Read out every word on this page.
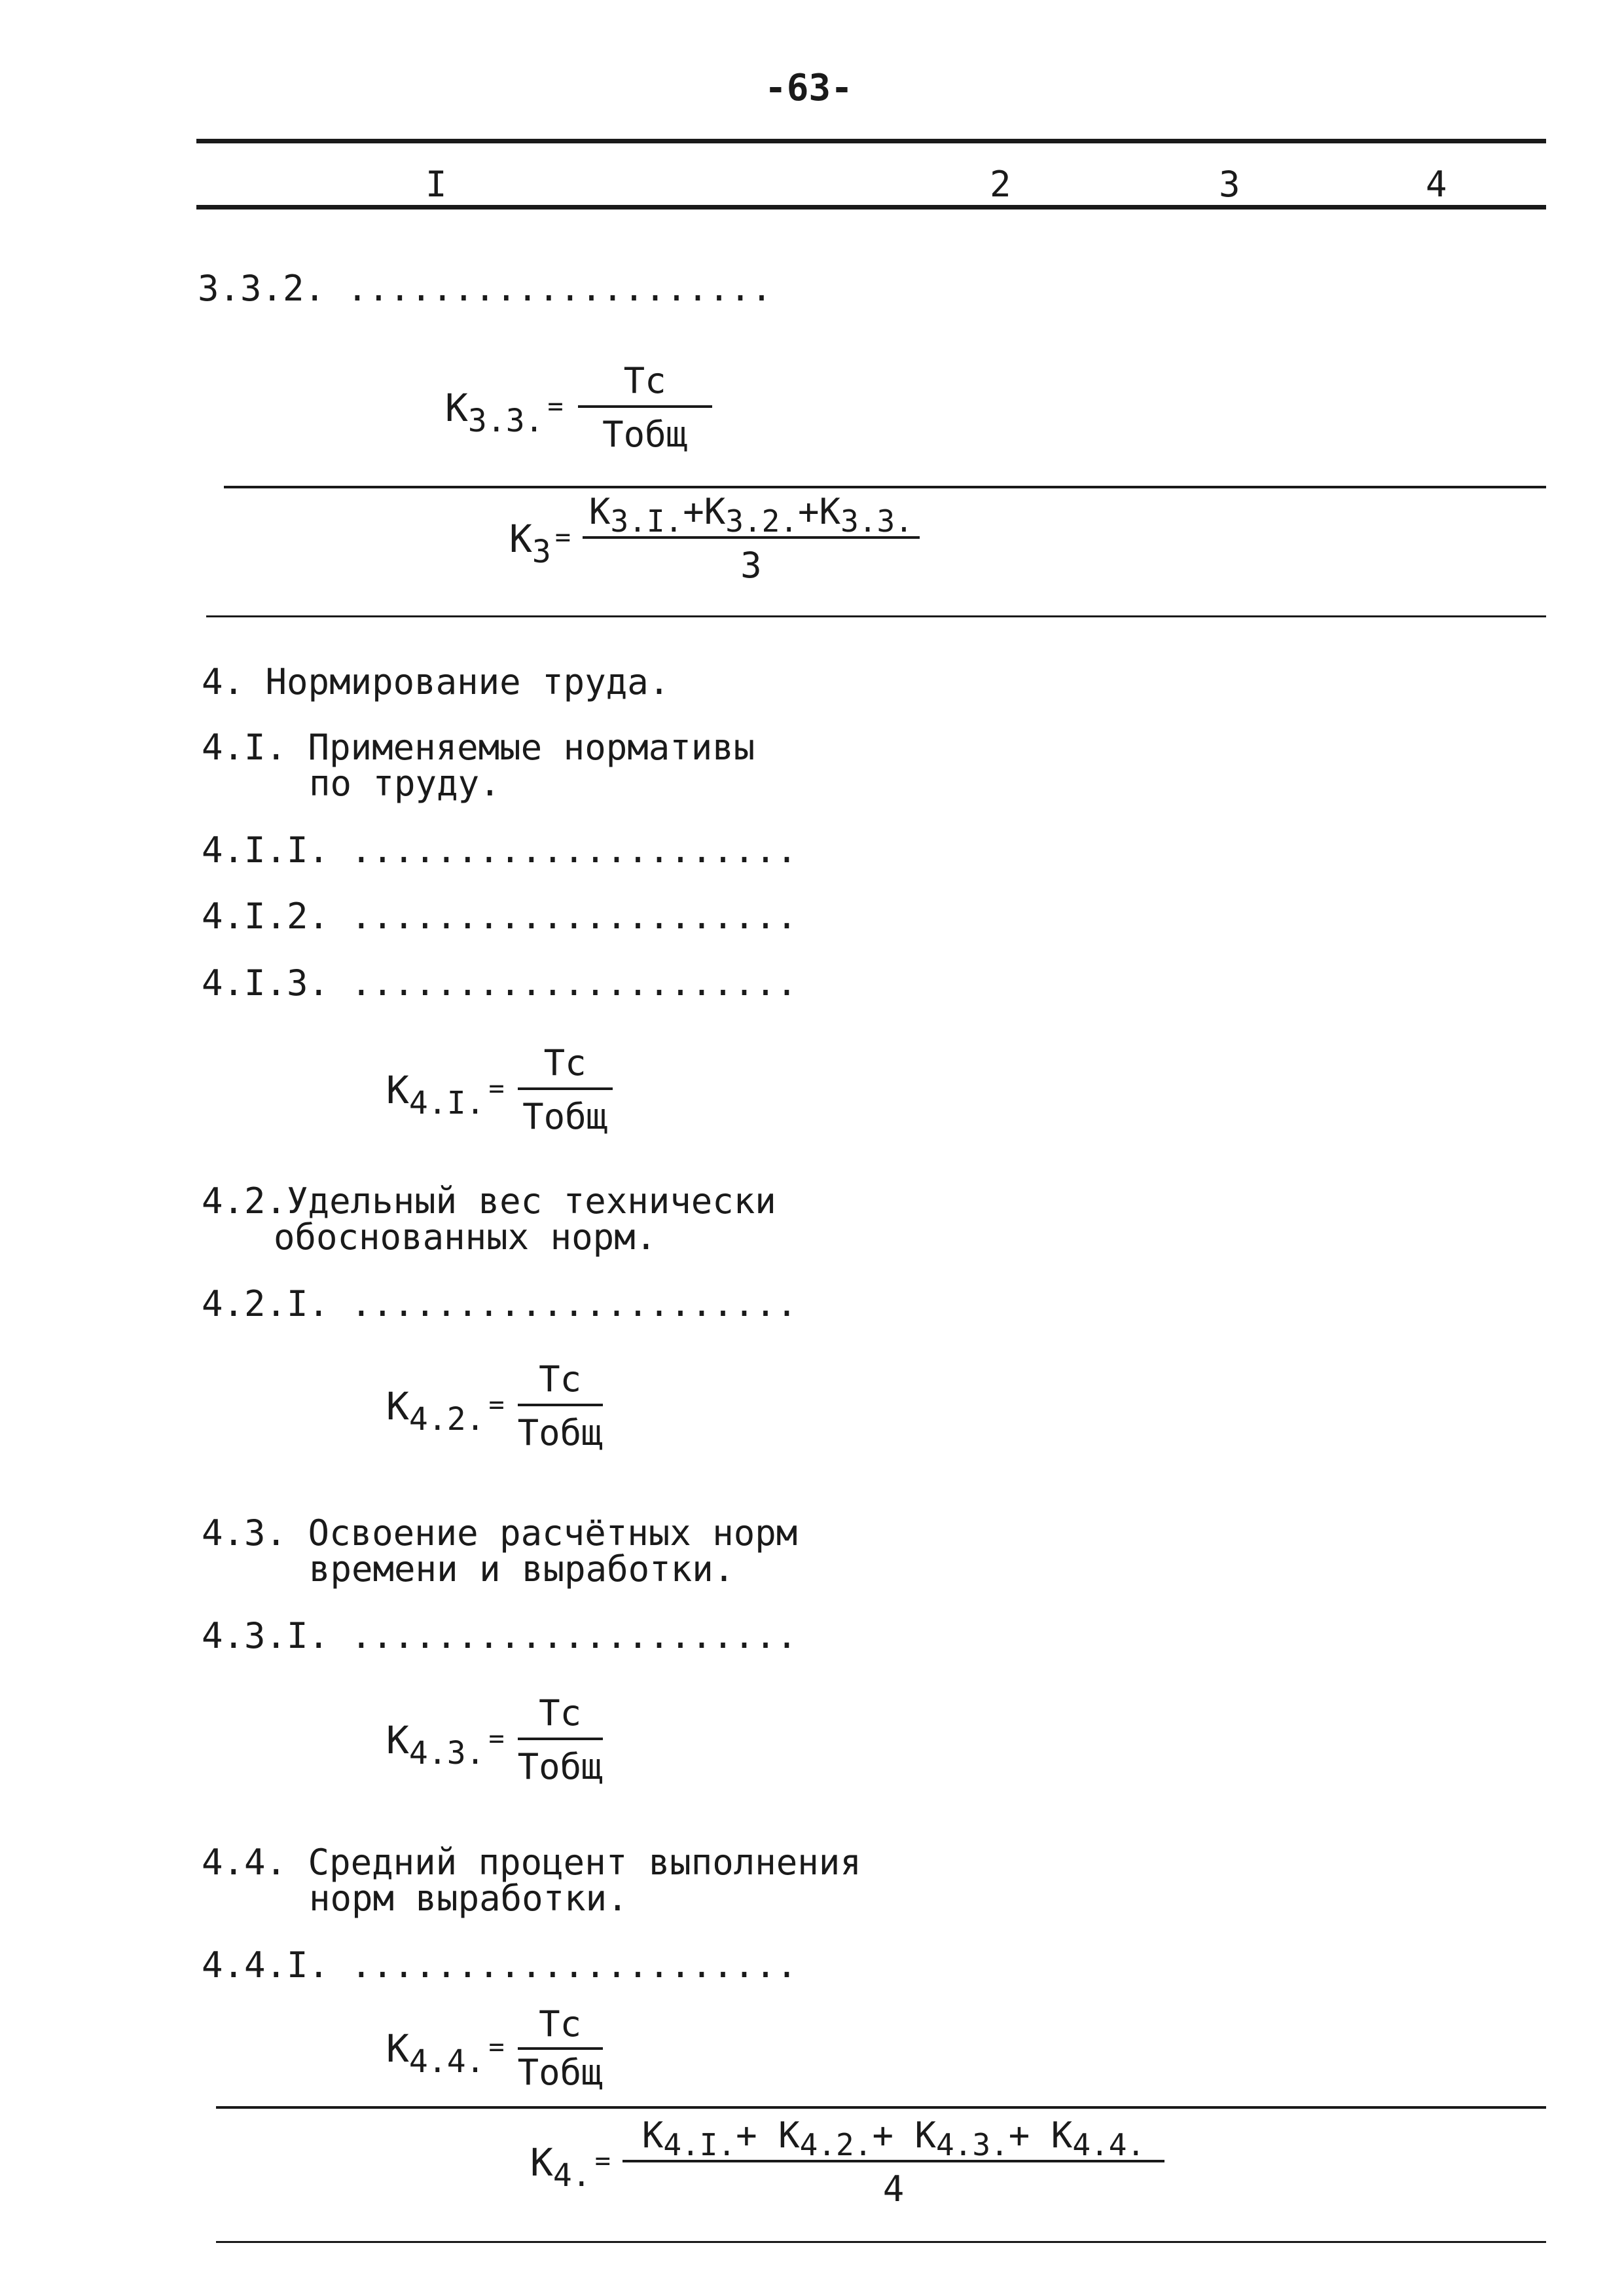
-63-
I	2	3	4
3.3.2. ....................
К 3.3. = $\frac{Тс}{\text{Тобщ}}$
К $3 = \frac{К3.I.+К3.2.+К3.3.}{3}$
4. Нормирование труда.
4.I. Применяемые нормативы
по труду.
4.I.I. .....................
4.I.2. .....................
4.I.3. .....................
К 4.I. = $\frac{Тс}{\text{Тобщ}}$
4.2.Удельный вес технически
обоснованных норм.
4.2.I. .....................
К 4.2. = $\frac{Тс}{\text{Тобщ}}$
4.3. Освоение расчётных норм
времени и выработки.
4.3.I. .....................
К 4.3. = $\frac{Тс}{\text{Тобщ}}$
4.4. Средний процент выполнения
норм выработки.
4.4.I. .....................
К 4.4. = $\frac{Тс}{\text{Тобщ}}$
К 4. = $\frac{К4.I.+ К4.2.+ К4.3.+ К4.4.}{4}$
